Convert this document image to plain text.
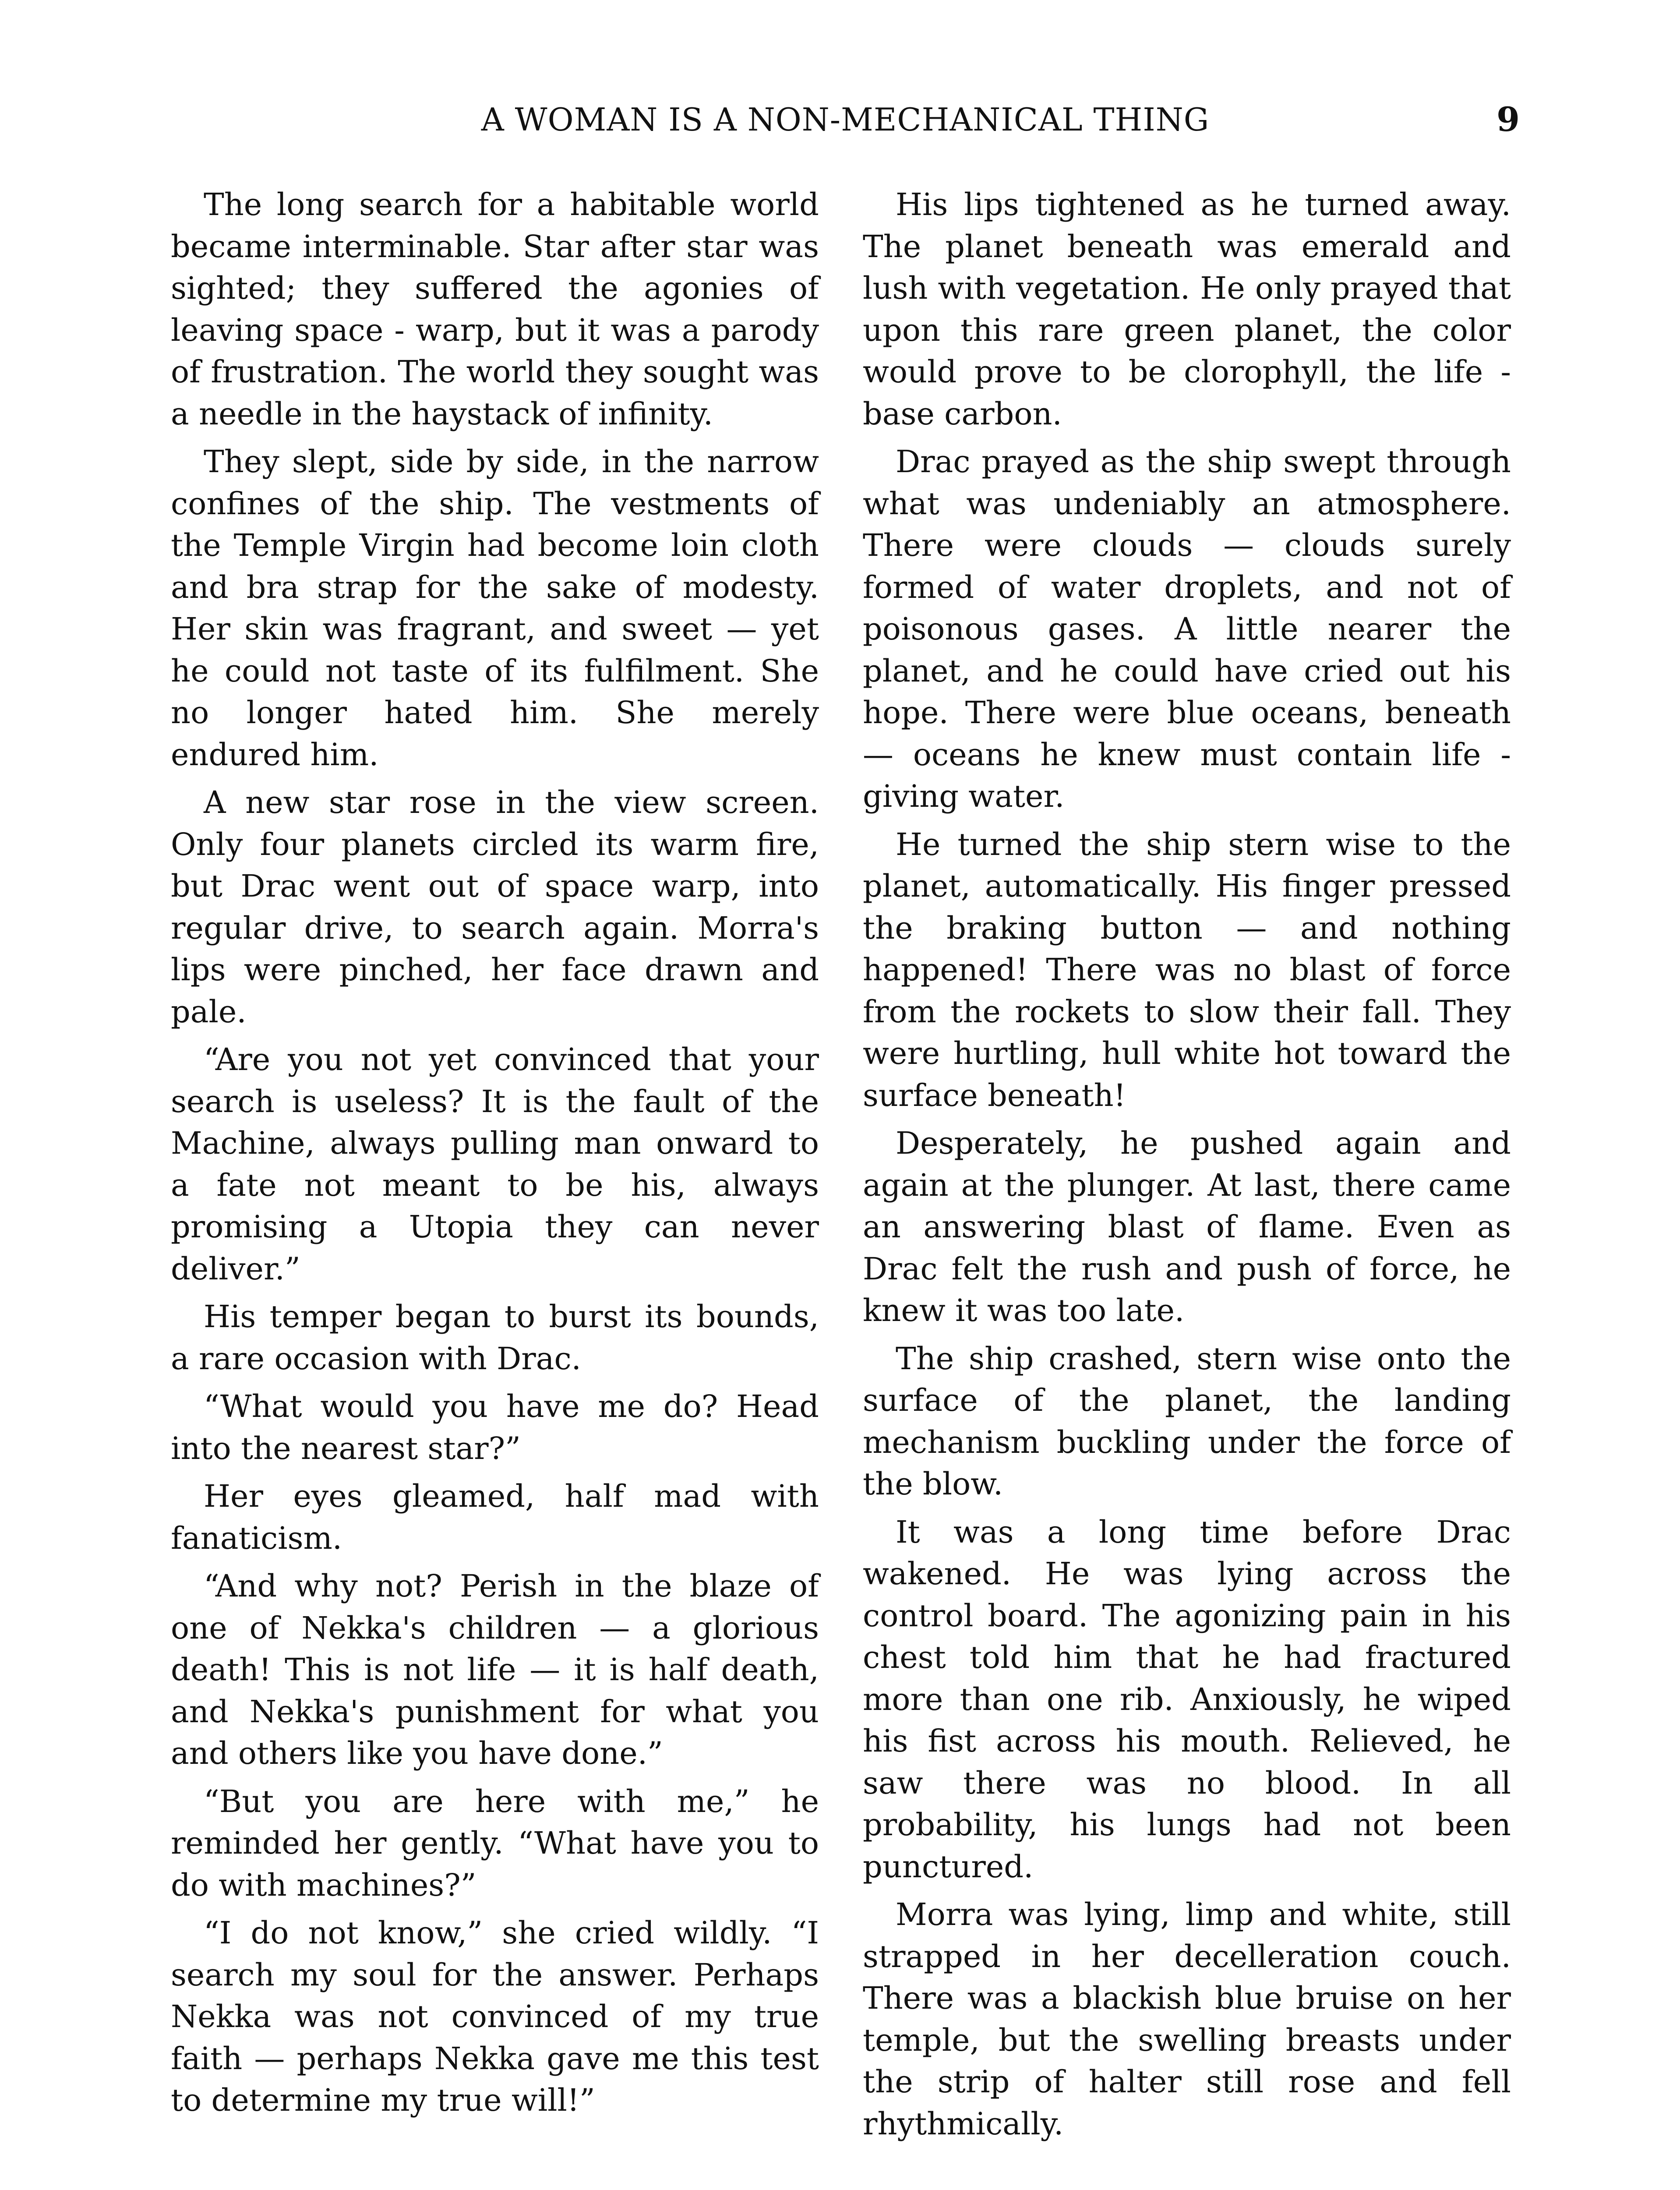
A WOMAN IS A NON-MECHANICAL THING	9

The long search for a habitable world became interminable. Star after star was sighted; they suffered the agonies of leaving space - warp, but it was a parody of frustration. The world they sought was a needle in the haystack of infinity.

They slept, side by side, in the narrow confines of the ship. The vestments of the Temple Virgin had become loin cloth and bra strap for the sake of modesty. Her skin was fragrant, and sweet — yet he could not taste of its fulfilment. She no longer hated him. She merely endured him.

A new star rose in the view screen. Only four planets circled its warm fire, but Drac went out of space warp, into regular drive, to search again. Morra's lips were pinched, her face drawn and pale.

“Are you not yet convinced that your search is useless? It is the fault of the Machine, always pulling man onward to a fate not meant to be his, always promising a Utopia they can never deliver.”

His temper began to burst its bounds, a rare occasion with Drac.

“What would you have me do? Head into the nearest star?”

Her eyes gleamed, half mad with fanaticism.

“And why not? Perish in the blaze of one of Nekka's children — a glorious death! This is not life — it is half death, and Nekka's punishment for what you and others like you have done.”

“But you are here with me,” he reminded her gently. “What have you to do with machines?”

“I do not know,” she cried wildly. “I search my soul for the answer. Perhaps Nekka was not convinced of my true faith — perhaps Nekka gave me this test to determine my true will!”

His lips tightened as he turned away. The planet beneath was emerald and lush with vegetation. He only prayed that upon this rare green planet, the color would prove to be clorophyll, the life - base carbon.

Drac prayed as the ship swept through what was undeniably an atmosphere. There were clouds — clouds surely formed of water droplets, and not of poisonous gases. A little nearer the planet, and he could have cried out his hope. There were blue oceans, beneath — oceans he knew must contain life - giving water.

He turned the ship stern wise to the planet, automatically. His finger pressed the braking button — and nothing happened! There was no blast of force from the rockets to slow their fall. They were hurtling, hull white hot toward the surface beneath!

Desperately, he pushed again and again at the plunger. At last, there came an answering blast of flame. Even as Drac felt the rush and push of force, he knew it was too late.

The ship crashed, stern wise onto the surface of the planet, the landing mechanism buckling under the force of the blow.

It was a long time before Drac wakened. He was lying across the control board. The agonizing pain in his chest told him that he had fractured more than one rib. Anxiously, he wiped his fist across his mouth. Relieved, he saw there was no blood. In all probability, his lungs had not been punctured.

Morra was lying, limp and white, still strapped in her decelleration couch. There was a blackish blue bruise on her temple, but the swelling breasts under the strip of halter still rose and fell rhythmically.
